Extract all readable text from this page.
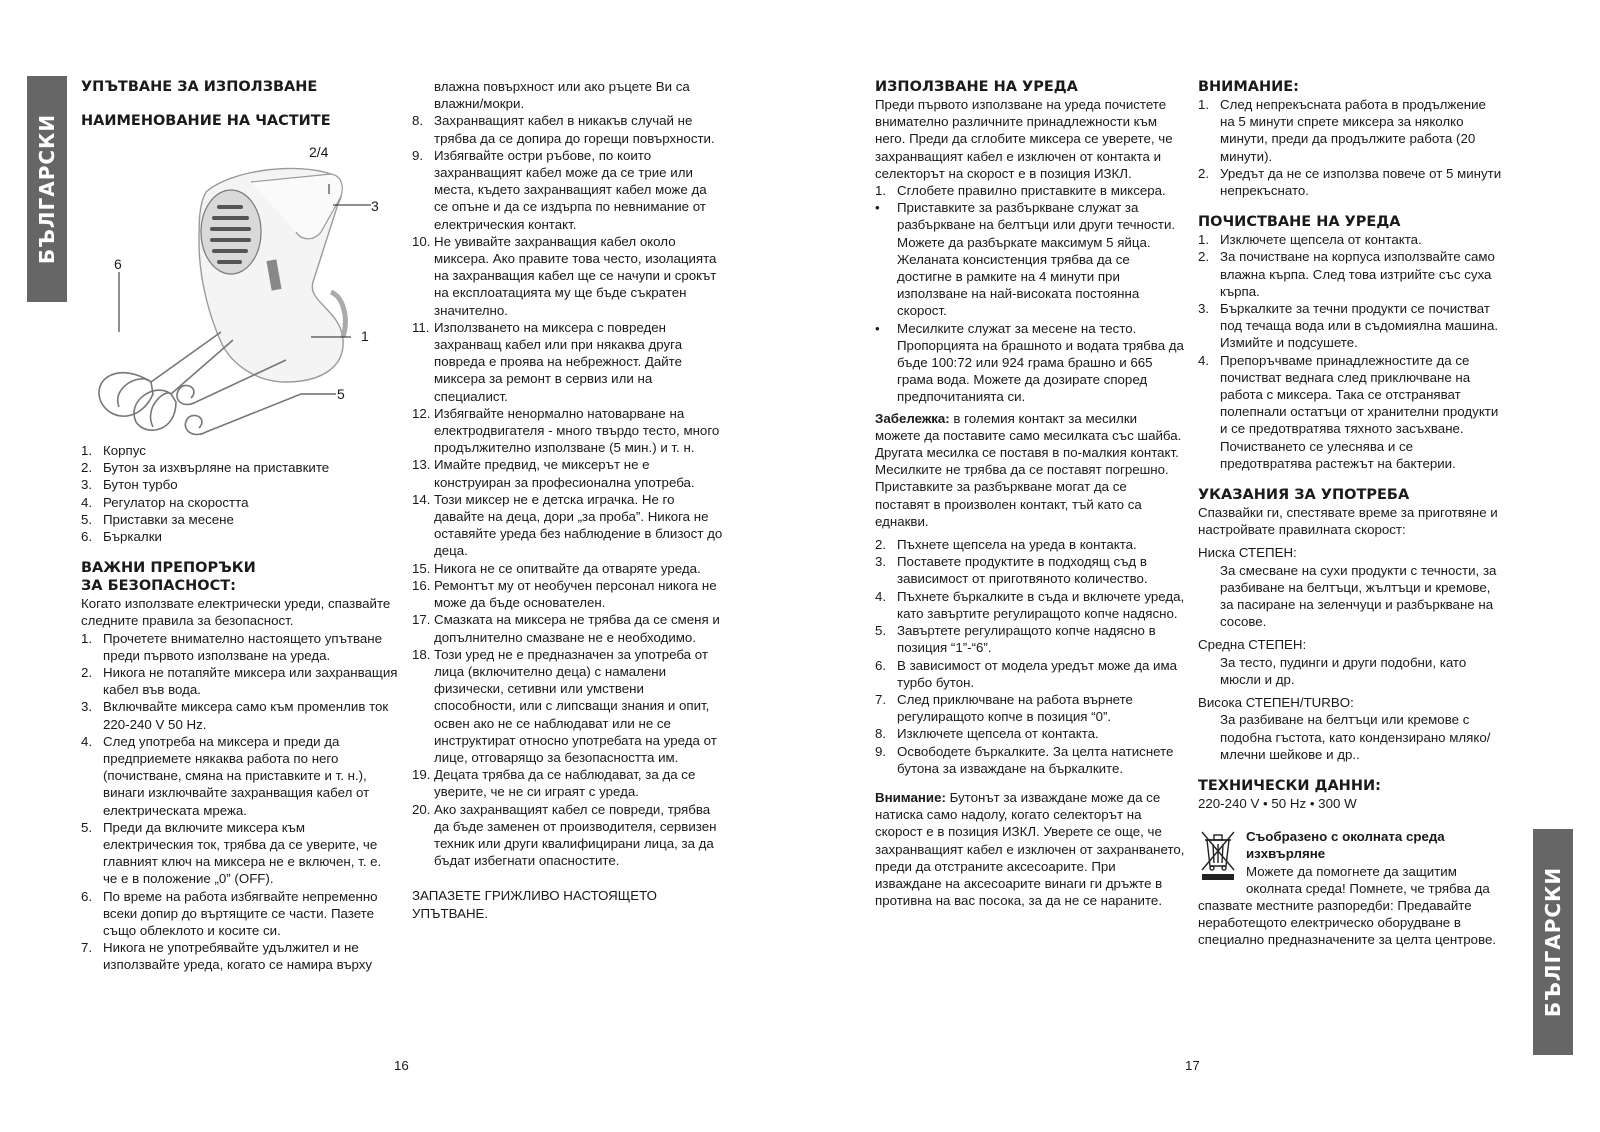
БЪЛГАРСКИ
УПЪТВАНЕ ЗА ИЗПОЛЗВАНЕ
НАИМЕНОВАНИЕ НА ЧАСТИТЕ
2/4
3
6
1
5
1. Корпус
2. Бутон за изхвърляне на приставките
3. Бутон турбо
4. Регулатор на скоростта
5. Приставки за месене
6. Бъркалки
ВАЖНИ ПРЕПОРЪКИ
ЗА БЕЗОПАСНОСТ:

Когато използвате електрически уреди, спазвайте следните правила за безопасност.

1. Прочетете внимателно настоящето упътване преди първото използване на уреда.
2. Никога не потапяйте миксера или захранващия кабел във вода.
3. Включвайте миксера само към променлив ток 220-240 V 50 Hz.
4. След употреба на миксера и преди да предприемете някаква работа по него (почистване, смяна на приставките и т. н.), винаги изключвайте захранващия кабел от електрическата мрежа.
5. Преди да включите миксера към електрическия ток, трябва да се уверите, че главният ключ на миксера не е включен, т. е. че е в положение „0” (OFF).
6. По време на работа избягвайте непременно всеки допир до въртящите се части. Пазете също облеклото и косите си.
7. Никога не употребявайте удължител и не използвайте уреда, когато се намира върху

влажна повърхност или ако ръцете Ви са влажни/мокри.

8. Захранващият кабел в никакъв случай не трябва да се допира до горещи повърхности.
9. Избягвайте остри ръбове, по които захранващият кабел може да се трие или места, където захранващият кабел може да се опъне и да се издърпа по невнимание от електрическия контакт.
10. Не увивайте захранващия кабел около миксера. Ако правите това често, изолацията на захранващия кабел ще се начупи и срокът на експлоатацията му ще бъде съкратен значително.
11. Използването на миксера с повреден захранващ кабел или при някаква друга повреда е проява на небрежност. Дайте миксера за ремонт в сервиз или на специалист.
12. Избягвайте ненормално натоварване на електродвигателя - много твърдо тесто, много продължително използване (5 мин.) и т. н.
13. Имайте предвид, че миксерът не е конструиран за професионална употреба.
14. Този миксер не е детска играчка. Не го давайте на деца, дори „за проба”. Никога не оставяйте уреда без наблюдение в близост до деца.
15. Никога не се опитвайте да отваряте уреда.
16. Ремонтът му от необучен персонал никога не може да бъде основателен.
17. Смазката на миксера не трябва да се сменя и допълнително смазване не е необходимо.
18. Този уред не е предназначен за употреба от лица (включително деца) с намалени физически, сетивни или умствени способности, или с липсващи знания и опит, освен ако не се наблюдават или не се инструктират относно употребата на уреда от лице, отговарящо за безопасността им.
19. Децата трябва да се наблюдават, за да се уверите, че не си играят с уреда.
20. Ако захранващият кабел се повреди, трябва да бъде заменен от производителя, сервизен техник или други квалифицирани лица, за да бъдат избегнати опасностите.

ЗАПАЗЕТЕ ГРИЖЛИВО НАСТОЯЩЕТО УПЪТВАНЕ.

16
ИЗПОЛЗВАНЕ НА УРЕДА

Преди първото използване на уреда почистете внимателно различните принадлежности към него. Преди да сглобите миксера се уверете, че захранващият кабел е изключен от контакта и селекторът на скорост е в позиция ИЗКЛ.

1. Сглобете правилно приставките в миксера.
•	Приставките за разбъркване служат за разбъркване на белтъци или други течности. Можете да разбъркате максимум 5 яйца. Желаната консистенция трябва да се достигне в рамките на 4 минути при използване на най-високата постоянна скорост.
•	Месилките служат за месене на тесто. Пропорцията на брашното и водата трябва да бъде 100:72 или 924 грама брашно и 665 грама вода. Можете да дозирате според предпочитанията си.

Забележка: в големия контакт за месилки можете да поставите само месилката със шайба. Другата месилка се поставя в по-малкия контакт. Месилките не трябва да се поставят погрешно. Приставките за разбъркване могат да се поставят в произволен контакт, тъй като са еднакви.

2. Пъхнете щепсела на уреда в контакта.
3. Поставете продуктите в подходящ съд в зависимост от приготвяното количество.
4. Пъхнете бъркалките в съда и включете уреда, като завъртите регулиращото копче надясно.
5. Завъртете регулиращото копче надясно в позиция “1”-“6”.
6. В зависимост от модела уредът може да има турбо бутон.
7. След приключване на работа върнете регулиращото копче в позиция “0”.
8. Изключете щепсела от контакта.
9. Освободете бъркалките. За целта натиснете бутона за изваждане на бъркалките.

Внимание: Бутонът за изваждане може да се натиска само надолу, когато селекторът на скорост е в позиция ИЗКЛ. Уверете се още, че захранващият кабел е изключен от захранването, преди да отстраните аксесоарите. При изваждане на аксесоарите винаги ги дръжте в противна на вас посока, за да не се нараните.

ВНИМАНИЕ:
1. След непрекъсната работа в продължение на 5 минути спрете миксера за няколко минути, преди да продължите работа (20 минути).
2. Уредът да не се използва повече от 5 минути непрекъснато.
ПОЧИСТВАНЕ НА УРЕДА
1. Изключете щепсела от контакта.
2. За почистване на корпуса използвайте само влажна кърпа. След това изтрийте със суха кърпа.
3. Бъркалките за течни продукти се почистват под течаща вода или в съдомиялна машина. Измийте и подсушете.
4. Препоръчваме принадлежностите да се почистват веднага след приключване на работа с миксера. Така се отстраняват полепнали остатъци от хранителни продукти и се предотвратява тяхното засъхване. Почистването се улеснява и се предотвратява растежът на бактерии.
УКАЗАНИЯ ЗА УПОТРЕБА

Спазвайки ги, спестявате време за приготвяне и настройвате правилната скорост:

Ниска СТЕПЕН:

За смесване на сухи продукти с течности, за разбиване на белтъци, жълтъци и кремове, за пасиране на зеленчуци и разбъркване на сосове.

Средна СТЕПЕН:

За тесто, пудинги и други подобни, като мюсли и др.

Висока СТЕПЕН/TURBO:

За разбиване на белтъци или кремове с подобна гъстота, като кондензирано мляко/млечни шейкове и др..

ТЕХНИЧЕСКИ ДАННИ:

220-240 V • 50 Hz • 300 W

Съобразено с околната среда

изхвърляне

Можете да помогнете да защитим околната среда! Помнете, че трябва да

спазвате местните разпоредби: Предавайте неработещото електрическо оборудване в специално предназначените за целта центрове.

17
БЪЛГАРСКИ
